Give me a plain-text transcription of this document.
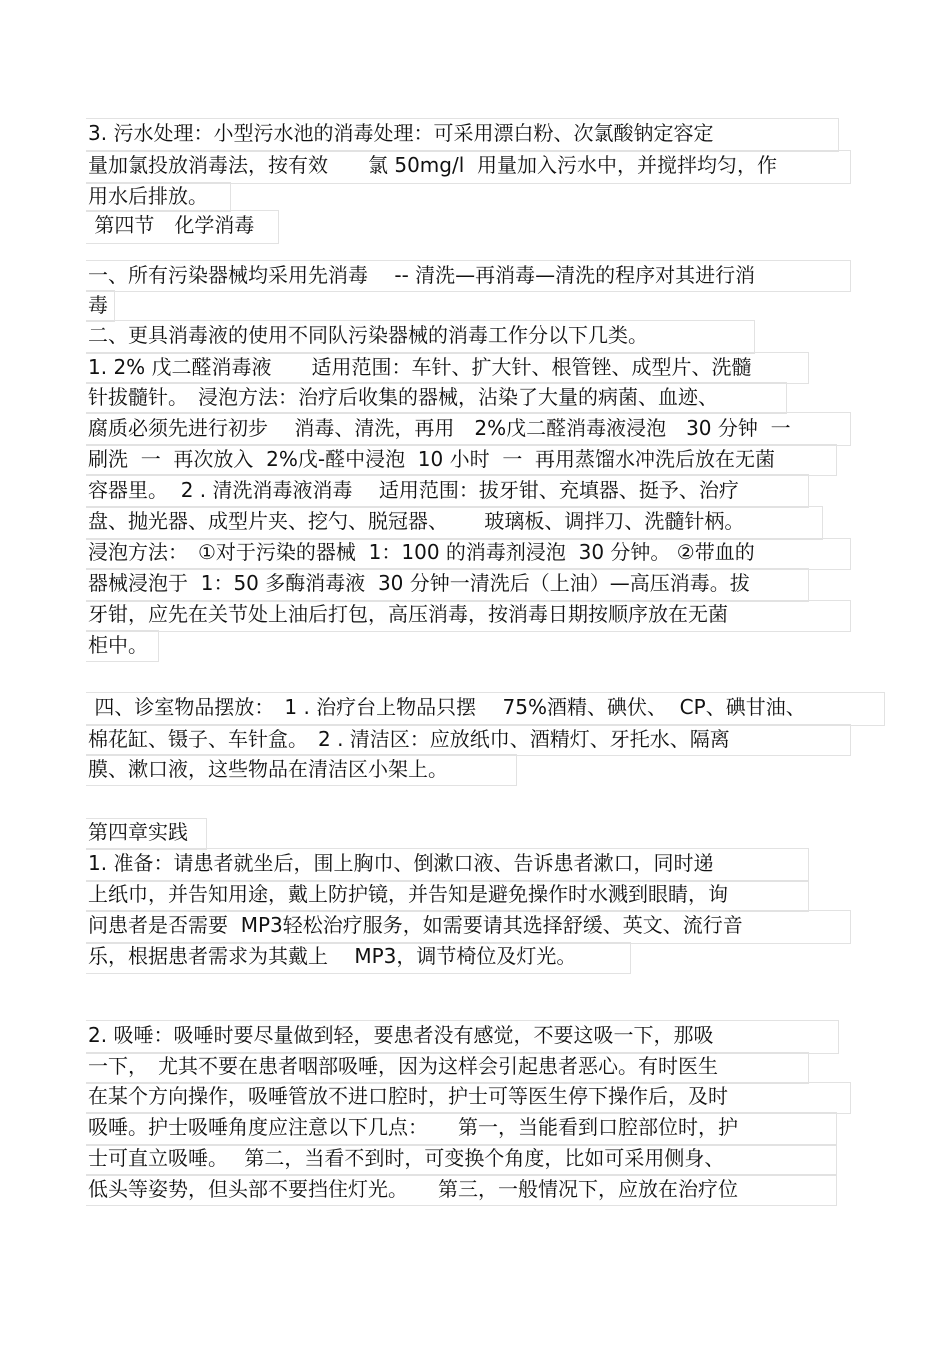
3. 污水处理：小型污水池的消毒处理：可采用漂白粉、次氯酸钠定容定
量加氯投放消毒法，按有效　　氯 50mg/l  用量加入污水中，并搅拌均匀，作
用水后排放。
第四节　化学消毒
一、所有污染器械均采用先消毒　 -- 清洗—再消毒—清洗的程序对其进行消
毒
二、更具消毒液的使用不同队污染器械的消毒工作分以下几类。
1. 2% 戊二醛消毒液　　适用范围：车针、扩大针、根管锉、成型片、洗髓
针拔髓针。　浸泡方法：治疗后收集的器械，沾染了大量的病菌、血迹、
腐质必须先进行初步　 消毒、清洗，再用　2%戊二醛消毒液浸泡　30 分钟  一
刷洗  一  再次放入  2%戊-醛中浸泡  10 小时  一  再用蒸馏水冲洗后放在无菌
容器里。  2 . 清洗消毒液消毒　 适用范围：拔牙钳、充填器、挺予、治疗
盘、抛光器、成型片夹、挖勺、脱冠器、　　 玻璃板、调拌刀、洗髓针柄。
浸泡方法：　①对于污染的器械  1：100 的消毒剂浸泡  30 分钟。 ②带血的
器械浸泡于  1：50 多酶消毒液  30 分钟一清洗后（上油）—高压消毒。拔
牙钳，应先在关节处上油后打包，高压消毒，按消毒日期按顺序放在无菌
柜中。
四、诊室物品摆放：　1 . 治疗台上物品只摆　 75%酒精、碘伏、  CP、碘甘油、
棉花缸、镊子、车针盒。　2 . 清洁区：应放纸巾、酒精灯、牙托水、隔离
膜、漱口液，这些物品在清洁区小架上。
第四章实践
1. 准备：请患者就坐后，围上胸巾、倒漱口液、告诉患者漱口，同时递
上纸巾，并告知用途，戴上防护镜，并告知是避免操作时水溅到眼睛，询
问患者是否需要  MP3轻松治疗服务，如需要请其选择舒缓、英文、流行音
乐，根据患者需求为其戴上　 MP3，调节椅位及灯光。
2. 吸唾：吸唾时要尽量做到轻，要患者没有感觉，不要这吸一下，那吸
一下，　尤其不要在患者咽部吸唾，因为这样会引起患者恶心。有时医生
在某个方向操作，吸唾管放不进口腔时，护士可等医生停下操作后，及时
吸唾。护士吸唾角度应注意以下几点：　　第一，当能看到口腔部位时，护
士可直立吸唾。　 第二，当看不到时，可变换个角度，比如可采用侧身、
低头等姿势，但头部不要挡住灯光。　　第三，一般情况下，应放在治疗位
